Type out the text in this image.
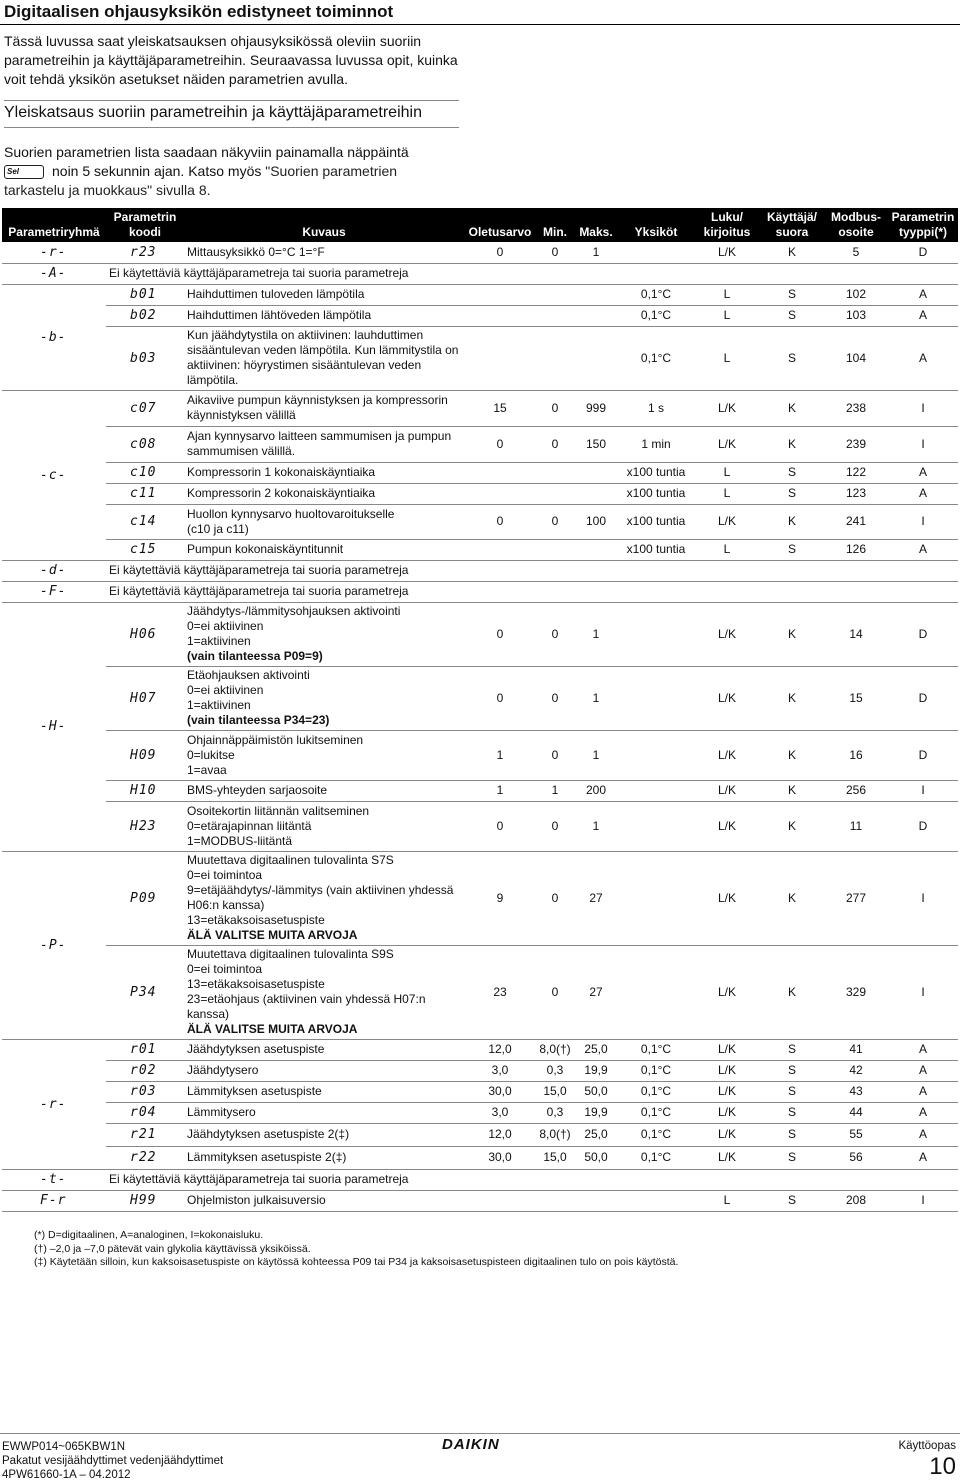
Digitaalisen ohjausyksikön edistyneet toiminnot
Tässä luvussa saat yleiskatsauksen ohjausyksikössä oleviin suoriin parametreihin ja käyttäjäparametreihin. Seuraavassa luvussa opit, kuinka voit tehdä yksikön asetukset näiden parametrien avulla.
Yleiskatsaus suoriin parametreihin ja käyttäjäparametreihin
Suorien parametrien lista saadaan näkyviin painamalla näppäintä
Sel noin 5 sekunnin ajan. Katso myös "Suorien parametrien tarkastelu ja muokkaus" sivulla 8.
Parametriryhmä	Parametrin koodi	Kuvaus	Oletusarvo	Min.	Maks.	Yksiköt	Luku/ kirjoitus	Käyttäjä/ suora	Modbus-osoite	Parametrin tyyppi(*)
-r-	r23	Mittausyksikkö 0=°C 1=°F	0	0	1		L/K	K	5	D
-A-	Ei käytettäviä käyttäjäparametreja tai suoria parametreja									
-b-	b01	Haihduttimen tuloveden lämpötila				0,1°C	L	S	102	A
	b02	Haihduttimen lähtöveden lämpötila				0,1°C	L	S	103	A
	b03	Kun jäähdytystila on aktiivinen: lauhduttimen sisääntulevan veden lämpötila. Kun lämmitystila on aktiivinen: höyrystimen sisääntulevan veden lämpötila.				0,1°C	L	S	104	A
-c-	c07	Aikaviive pumpun käynnistyksen ja kompressorin käynnistyksen välillä	15	0	999	1 s	L/K	K	238	I
	c08	Ajan kynnysarvo laitteen sammumisen ja pumpun sammumisen välillä.	0	0	150	1 min	L/K	K	239	I
	c10	Kompressorin 1 kokonaiskäyntiaika				x100 tuntia	L	S	122	A
	c11	Kompressorin 2 kokonaiskäyntiaika				x100 tuntia	L	S	123	A
	c14	Huollon kynnysarvo huoltovaroitukselle
(c10 ja c11)	0	0	100	x100 tuntia	L/K	K	241	I
	c15	Pumpun kokonaiskäyntitunnit				x100 tuntia	L	S	126	A
-d-	Ei käytettäviä käyttäjäparametreja tai suoria parametreja									
-F-	Ei käytettäviä käyttäjäparametreja tai suoria parametreja									
-H-	H06	Jäähdytys-/lämmitysohjauksen aktivointi
0=ei aktiivinen
1=aktiivinen
(vain tilanteessa P09=9)	0	0	1		L/K	K	14	D
	H07	Etäohjauksen aktivointi
0=ei aktiivinen
1=aktiivinen
(vain tilanteessa P34=23)	0	0	1		L/K	K	15	D
	H09	Ohjainnäppäimistön lukitseminen
0=lukitse
1=avaa	1	0	1		L/K	K	16	D
	H10	BMS-yhteyden sarjaosoite	1	1	200		L/K	K	256	I
	H23	Osoitekortin liitännän valitseminen
0=etärajapinnan liitäntä
1=MODBUS-liitäntä	0	0	1		L/K	K	11	D
-P-	P09	Muutettava digitaalinen tulovalinta S7S
0=ei toimintoa
9=etäjäähdytys/-lämmitys (vain aktiivinen yhdessä H06:n kanssa)
13=etäkaksoisasetuspiste
ÄLÄ VALITSE MUITA ARVOJA	9	0	27		L/K	K	277	I
	P34	Muutettava digitaalinen tulovalinta S9S
0=ei toimintoa
13=etäkaksoisasetuspiste
23=etäohjaus (aktiivinen vain yhdessä H07:n kanssa)
ÄLÄ VALITSE MUITA ARVOJA	23	0	27		L/K	K	329	I
-r-	r01	Jäähdytyksen asetuspiste	12,0	8,0(†)	25,0	0,1°C	L/K	S	41	A
	r02	Jäähdytysero	3,0	0,3	19,9	0,1°C	L/K	S	42	A
	r03	Lämmityksen asetuspiste	30,0	15,0	50,0	0,1°C	L/K	S	43	A
	r04	Lämmitysero	3,0	0,3	19,9	0,1°C	L/K	S	44	A
	r21	Jäähdytyksen asetuspiste 2(‡)	12,0	8,0(†)	25,0	0,1°C	L/K	S	55	A
	r22	Lämmityksen asetuspiste 2(‡)	30,0	15,0	50,0	0,1°C	L/K	S	56	A
-t-	Ei käytettäviä käyttäjäparametreja tai suoria parametreja									
F-r	H99	Ohjelmiston julkaisuversio					L	S	208	I
(*) D=digitaalinen, A=analoginen, I=kokonaisluku.
(†) –2,0 ja –7,0 pätevät vain glykolia käyttävissä yksiköissä.
(‡) Käytetään silloin, kun kaksoisasetuspiste on käytössä kohteessa P09 tai P34 ja kaksoisasetuspisteen digitaalinen tulo on pois käytöstä.
EWWP014~065KBW1N
Pakatut vesijäähdyttimet vedenjäähdyttimet
4PW61660-1A – 04.2012
DAIKIN	Käyttöopas
10
